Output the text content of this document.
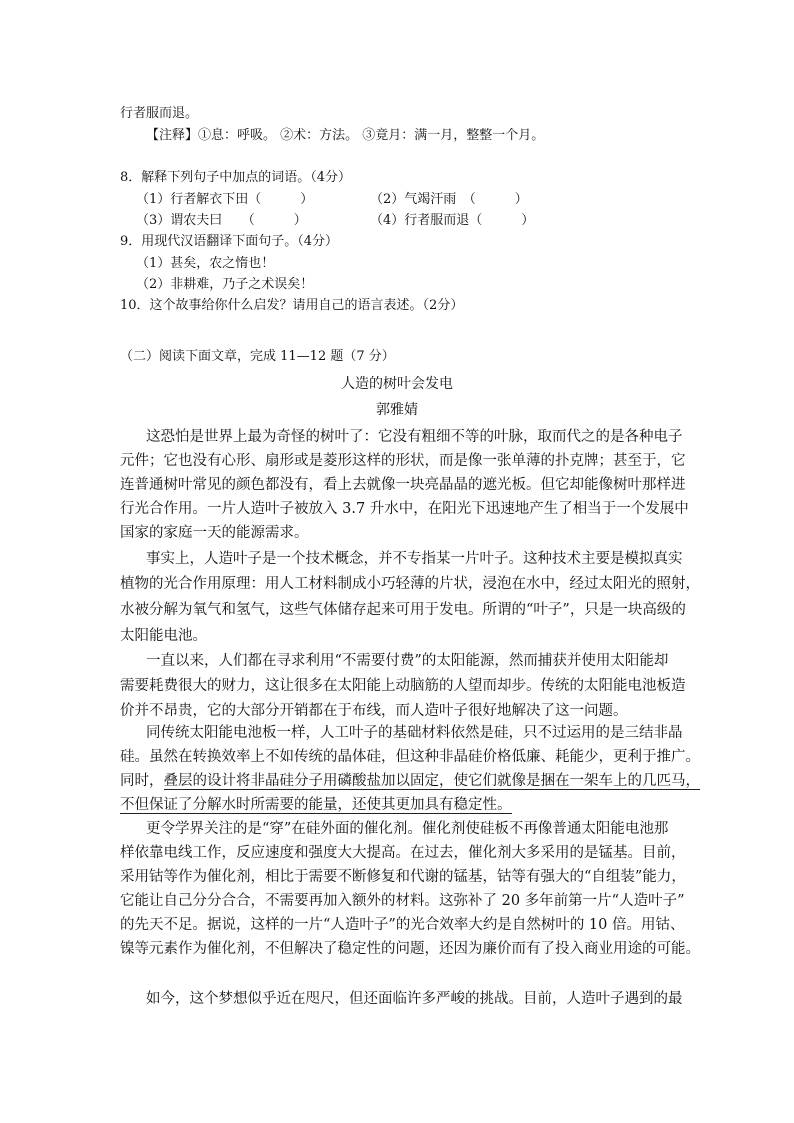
行者服而退。
【注释】①息：呼吸。 ②术：方法。 ③竟月：满一月，整整一个月。
8．解释下列句子中加点的词语。（4分）
（1）行者解衣下田（　　　）	（2）气竭汗雨　（　　　）
（3）谓农夫曰　　（　　　）	（4）行者服而退（　　　）
9．用现代汉语翻译下面句子。（4分）
（1）甚矣，农之惰也！
（2）非耕难，乃子之术误矣！
10．这个故事给你什么启发？请用自己的语言表述。（2分）
（二）阅读下面文章，完成 11—12 题（7 分）
人造的树叶会发电
郭雅婧
这恐怕是世界上最为奇怪的树叶了：它没有粗细不等的叶脉，取而代之的是各种电子
元件；它也没有心形、扇形或是菱形这样的形状，而是像一张单薄的扑克牌；甚至于，它
连普通树叶常见的颜色都没有，看上去就像一块亮晶晶的遮光板。但它却能像树叶那样进
行光合作用。一片人造叶子被放入 3.7 升水中，在阳光下迅速地产生了相当于一个发展中
国家的家庭一天的能源需求。
事实上，人造叶子是一个技术概念，并不专指某一片叶子。这种技术主要是模拟真实
植物的光合作用原理：用人工材料制成小巧轻薄的片状，浸泡在水中，经过太阳光的照射，
水被分解为氧气和氢气，这些气体储存起来可用于发电。所谓的“叶子”，只是一块高级的
太阳能电池。
一直以来，人们都在寻求利用“不需要付费”的太阳能源，然而捕获并使用太阳能却
需要耗费很大的财力，这让很多在太阳能上动脑筋的人望而却步。传统的太阳能电池板造
价并不昂贵，它的大部分开销都在于布线，而人造叶子很好地解决了这一问题。
同传统太阳能电池板一样，人工叶子的基础材料依然是硅，只不过运用的是三结非晶
硅。虽然在转换效率上不如传统的晶体硅，但这种非晶硅价格低廉、耗能少，更利于推广。
同时，叠层的设计将非晶硅分子用磷酸盐加以固定，使它们就像是捆在一架车上的几匹马，
不但保证了分解水时所需要的能量，还使其更加具有稳定性。
更令学界关注的是“穿”在硅外面的催化剂。催化剂使硅板不再像普通太阳能电池那
样依靠电线工作，反应速度和强度大大提高。在过去，催化剂大多采用的是锰基。目前，
采用钴等作为催化剂，相比于需要不断修复和代谢的锰基，钴等有强大的“自组装”能力，
它能让自己分分合合，不需要再加入额外的材料。这弥补了 20 多年前第一片“人造叶子”
的先天不足。据说，这样的一片“人造叶子”的光合效率大约是自然树叶的 10 倍。用钴、
镍等元素作为催化剂，不但解决了稳定性的问题，还因为廉价而有了投入商业用途的可能。
如今，这个梦想似乎近在咫尺，但还面临许多严峻的挑战。目前，人造叶子遇到的最
